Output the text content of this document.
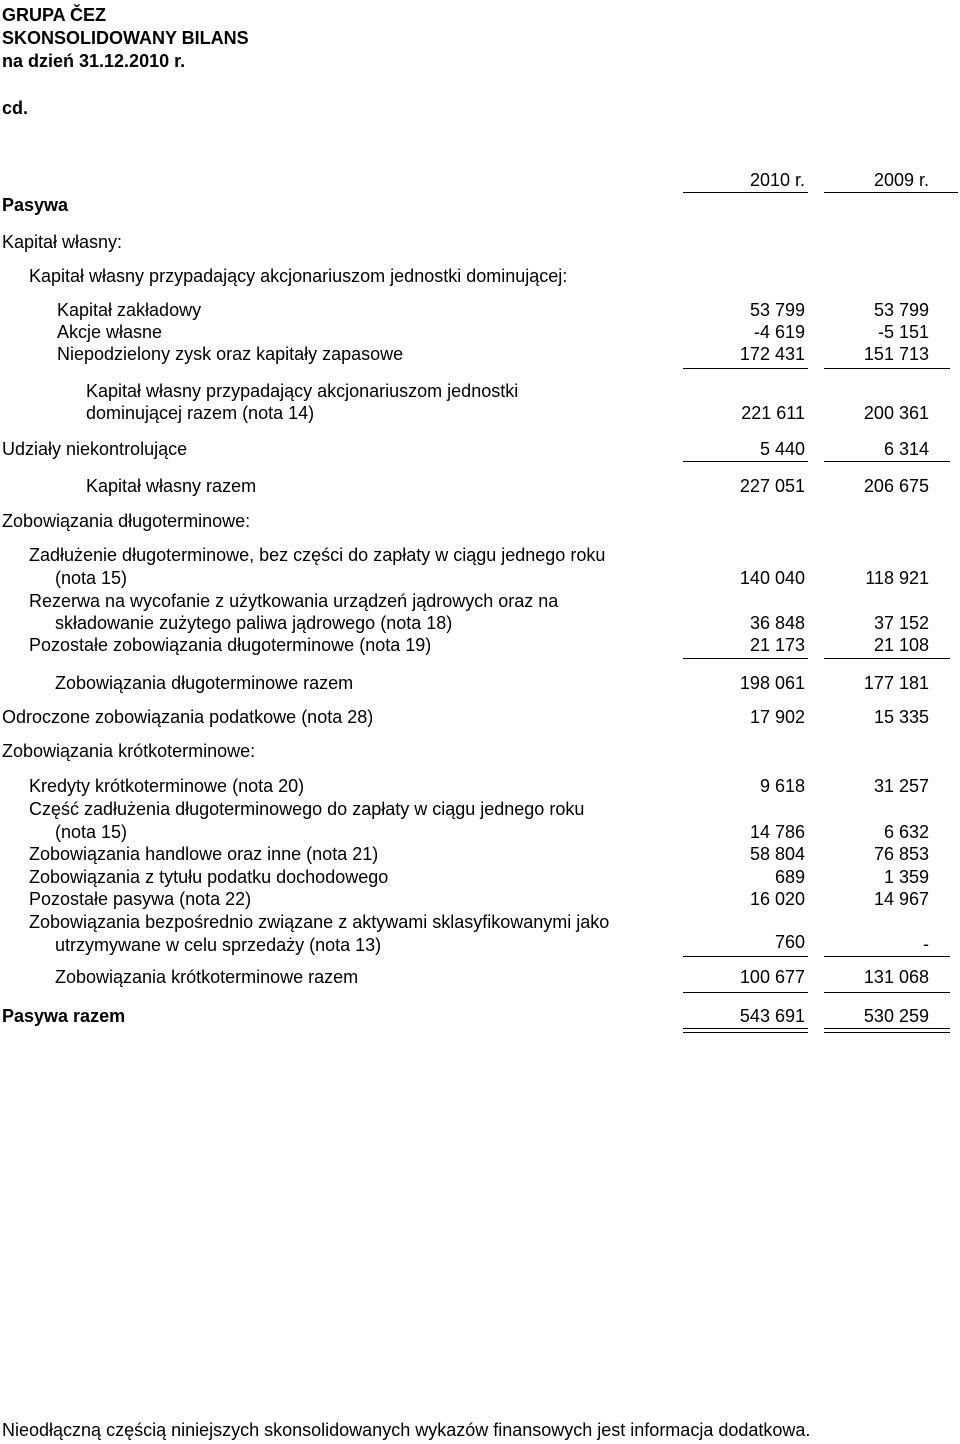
GRUPA ČEZ
SKONSOLIDOWANY BILANS
na dzień 31.12.2010 r.
cd.
2010 r.	2009 r.
Pasywa
Kapitał własny:
Kapitał własny przypadający akcjonariuszom jednostki dominującej:
Kapitał zakładowy	53 799	53 799
Akcje własne	-4 619	-5 151
Niepodzielony zysk oraz kapitały zapasowe	172 431	151 713
Kapitał własny przypadający akcjonariuszom jednostki
dominującej razem (nota 14)	221 611	200 361
Udziały niekontrolujące	5 440	6 314
Kapitał własny razem	227 051	206 675
Zobowiązania długoterminowe:
Zadłużenie długoterminowe, bez części do zapłaty w ciągu jednego roku
(nota 15)	140 040	118 921
Rezerwa na wycofanie z użytkowania urządzeń jądrowych oraz na
składowanie zużytego paliwa jądrowego (nota 18)	36 848	37 152
Pozostałe zobowiązania długoterminowe (nota 19)	21 173	21 108
Zobowiązania długoterminowe razem	198 061	177 181
Odroczone zobowiązania podatkowe (nota 28)	17 902	15 335
Zobowiązania krótkoterminowe:
Kredyty krótkoterminowe (nota 20)	9 618	31 257
Część zadłużenia długoterminowego do zapłaty w ciągu jednego roku
(nota 15)	14 786	6 632
Zobowiązania handlowe oraz inne (nota 21)	58 804	76 853
Zobowiązania z tytułu podatku dochodowego	689	1 359
Pozostałe pasywa (nota 22)	16 020	14 967
Zobowiązania bezpośrednio związane z aktywami sklasyfikowanymi jako
utrzymywane w celu sprzedaży (nota 13)	760	-
Zobowiązania krótkoterminowe razem	100 677	131 068
Pasywa razem	543 691	530 259
Nieodłączną częścią niniejszych skonsolidowanych wykazów finansowych jest informacja dodatkowa.
